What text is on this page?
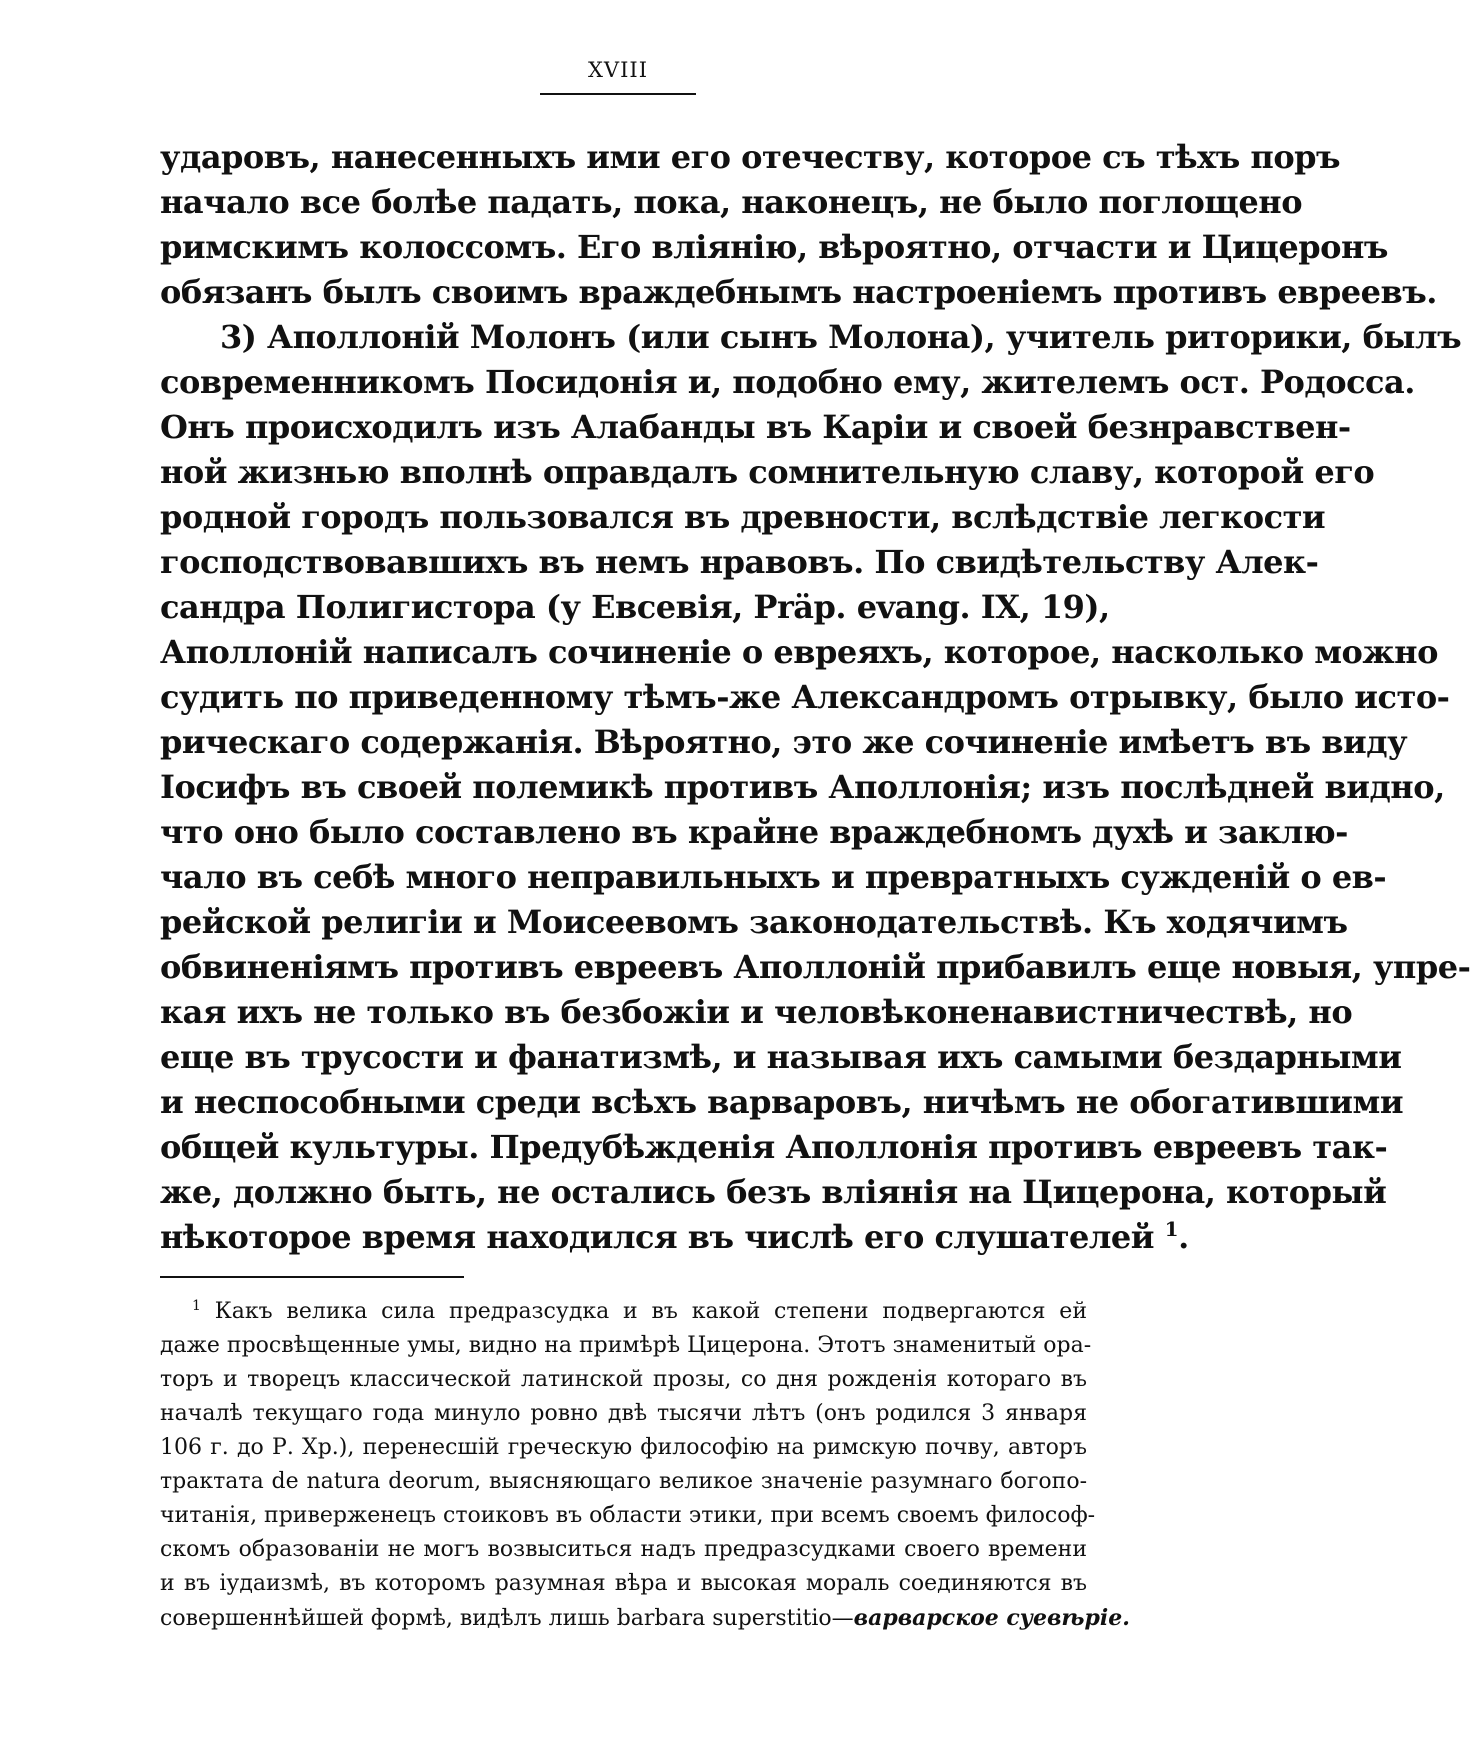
XVIII
ударовъ, нанесенныхъ ими его отечеству, которое съ тѣхъ поръ
начало все болѣе падать, пока, наконецъ, не было поглощено
римскимъ колоссомъ. Его вліянію, вѣроятно, отчасти и Цицеронъ
обязанъ былъ своимъ враждебнымъ настроеніемъ противъ евреевъ.
3) Аполлоній Молонъ (или сынъ Молона), учитель риторики, былъ
современникомъ Посидонія и, подобно ему, жителемъ ост. Родосса.
Онъ происходилъ изъ Алабанды въ Каріи и своей безнравствен-
ной жизнью вполнѣ оправдалъ сомнительную славу, которой его
родной городъ пользовался въ древности, вслѣдствіе легкости
господствовавшихъ въ немъ нравовъ. По свидѣтельству Алек-
сандра Полигистора (у Евсевія, Präp. evang. IX, 19),
Аполлоній написалъ сочиненіе о евреяхъ, которое, насколько можно
судить по приведенному тѣмъ-же Александромъ отрывку, было исто-
рическаго содержанія. Вѣроятно, это же сочиненіе имѣетъ въ виду
Іосифъ въ своей полемикѣ противъ Аполлонія; изъ послѣдней видно,
что оно было составлено въ крайне враждебномъ духѣ и заклю-
чало въ себѣ много неправильныхъ и превратныхъ сужденій о ев-
рейской религіи и Моисеевомъ законодательствѣ. Къ ходячимъ
обвиненіямъ противъ евреевъ Аполлоній прибавилъ еще новыя, упре-
кая ихъ не только въ безбожіи и человѣконенавистничествѣ, но
еще въ трусости и фанатизмѣ, и называя ихъ самыми бездарными
и неспособными среди всѣхъ варваровъ, ничѣмъ не обогатившими
общей культуры. Предубѣжденія Аполлонія противъ евреевъ так-
же, должно быть, не остались безъ вліянія на Цицерона, который
нѣкоторое время находился въ числѣ его слушателей $^1$.
$^1$ Какъ велика сила предразсудка и въ какой степени подвергаются ей
даже просвѣщенные умы, видно на примѣрѣ Цицерона. Этотъ знаменитый ора-
торъ и творецъ классической латинской прозы, со дня рожденія котораго въ
началѣ текущаго года минуло ровно двѣ тысячи лѣтъ (онъ родился 3 января
106 г. до Р. Хр.), перенесшій греческую философію на римскую почву, авторъ
трактата de natura deorum, выясняющаго великое значеніе разумнаго богопо-
читанія, приверженецъ стоиковъ въ области этики, при всемъ своемъ философ-
скомъ образованіи не могъ возвыситься надъ предразсудками своего времени
и въ іудаизмѣ, въ которомъ разумная вѣра и высокая мораль соединяются въ
совершеннѣйшей формѣ, видѣлъ лишь barbara superstitio—варварское суевѣріе.
